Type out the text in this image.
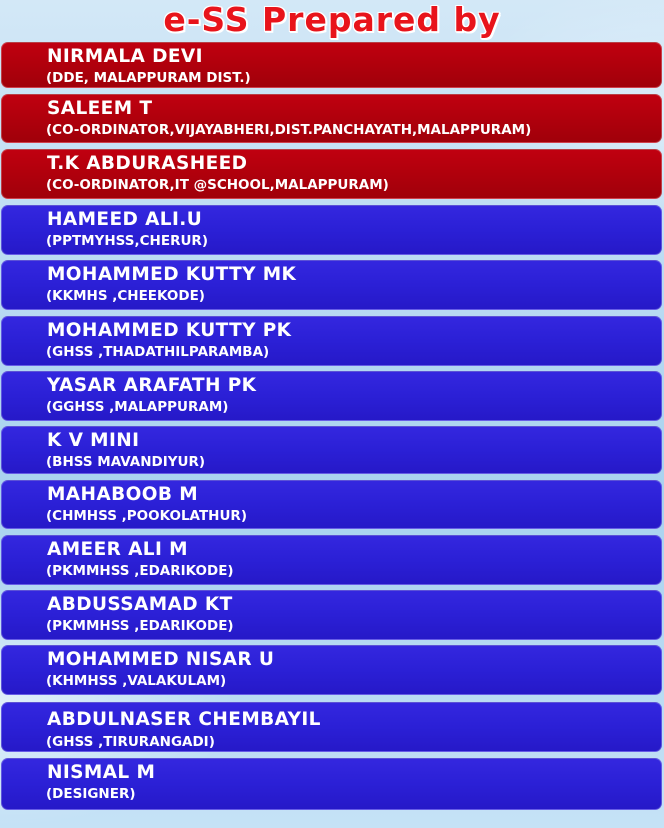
e-SS Prepared by
NIRMALA DEVI
(DDE, MALAPPURAM DIST.)
SALEEM T
(CO-ORDINATOR,VIJAYABHERI,DIST.PANCHAYATH,MALAPPURAM)
T.K ABDURASHEED
(CO-ORDINATOR,IT @SCHOOL,MALAPPURAM)
HAMEED ALI.U
(PPTMYHSS,CHERUR)
MOHAMMED KUTTY MK
(KKMHS ,CHEEKODE)
MOHAMMED KUTTY PK
(GHSS ,THADATHILPARAMBA)
YASAR ARAFATH PK
(GGHSS ,MALAPPURAM)
K V MINI
(BHSS MAVANDIYUR)
MAHABOOB M
(CHMHSS ,POOKOLATHUR)
AMEER ALI M
(PKMMHSS ,EDARIKODE)
ABDUSSAMAD KT
(PKMMHSS ,EDARIKODE)
MOHAMMED NISAR U
(KHMHSS ,VALAKULAM)
ABDULNASER CHEMBAYIL
(GHSS ,TIRURANGADI)
NISMAL M
(DESIGNER)
